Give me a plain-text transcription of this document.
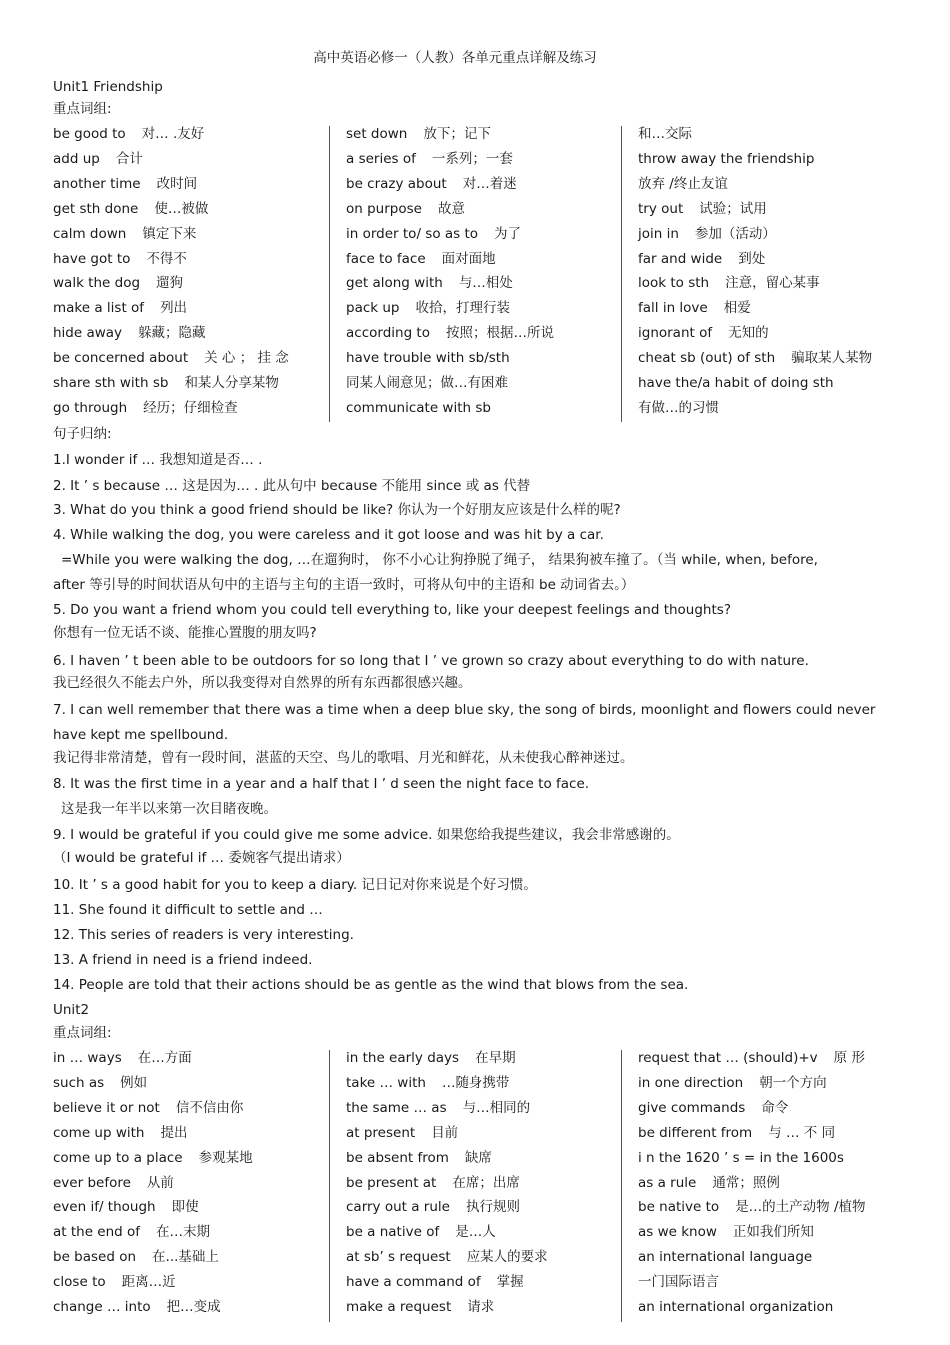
高中英语必修一（人教）各单元重点详解及练习
Unit1 Friendship
重点词组:
be good to 对… .友好
add up 合计
another time 改时间
get sth done 使…被做
calm down 镇定下来
have got to 不得不
walk the dog 遛狗
make a list of 列出
hide away 躲藏；隐藏
be concerned about 关 心 ； 挂 念
share sth with sb 和某人分享某物
go through 经历；仔细检查
set down 放下；记下
a series of 一系列；一套
be crazy about 对…着迷
on purpose 故意
in order to/ so as to 为了
face to face 面对面地
get along with 与…相处
pack up 收拾，打理行装
according to 按照；根据…所说
have trouble with sb/sth
同某人闹意见；做…有困难
communicate with sb
和…交际
throw away the friendship
放弃 /终止友谊
try out 试验；试用
join in 参加（活动）
far and wide 到处
look to sth 注意，留心某事
fall in love 相爱
ignorant of 无知的
cheat sb (out) of sth 骗取某人某物
have the/a habit of doing sth
有做…的习惯
句子归纳:
1.I wonder if … 我想知道是否… .
2. It ’ s because … 这是因为… . 此从句中 because 不能用 since 或 as 代替
3. What do you think a good friend should be like? 你认为一个好朋友应该是什么样的呢?
4. While walking the dog, you were careless and it got loose and was hit by a car.
=While you were walking the dog, …在遛狗时， 你不小心让狗挣脱了绳子， 结果狗被车撞了。（当 while, when, before,
after 等引导的时间状语从句中的主语与主句的主语一致时，可将从句中的主语和 be 动词省去。）
5. Do you want a friend whom you could tell everything to, like your deepest feelings and thoughts?
你想有一位无话不谈、能推心置腹的朋友吗?
6. I haven ’ t been able to be outdoors for so long that I ’ ve grown so crazy about everything to do with nature.
我已经很久不能去户外，所以我变得对自然界的所有东西都很感兴趣。
7. I can well remember that there was a time when a deep blue sky, the song of birds, moonlight and flowers could never
have kept me spellbound.
我记得非常清楚，曾有一段时间，湛蓝的天空、鸟儿的歌唱、月光和鲜花，从未使我心醉神迷过。
8. It was the first time in a year and a half that I ’ d seen the night face to face.
这是我一年半以来第一次目睹夜晚。
9. I would be grateful if you could give me some advice. 如果您给我提些建议，我会非常感谢的。
（I would be grateful if … 委婉客气提出请求）
10. It ’ s a good habit for you to keep a diary. 记日记对你来说是个好习惯。
11. She found it difficult to settle and …
12. This series of readers is very interesting.
13. A friend in need is a friend indeed.
14. People are told that their actions should be as gentle as the wind that blows from the sea.
Unit2
重点词组:
in … ways 在…方面
such as 例如
believe it or not 信不信由你
come up with 提出
come up to a place 参观某地
ever before 从前
even if/ though 即使
at the end of 在…末期
be based on 在...基础上
close to 距离…近
change … into 把…变成
in the early days 在早期
take … with …随身携带
the same … as 与…相同的
at present 目前
be absent from 缺席
be present at 在席；出席
carry out a rule 执行规则
be a native of 是…人
at sb’ s request 应某人的要求
have a command of 掌握
make a request 请求
request that … (should)+v 原 形
in one direction 朝一个方向
give commands 命令
be different from 与 … 不 同
i n the 1620 ’ s = in the 1600s
as a rule 通常；照例
be native to 是…的土产动物 /植物
as we know 正如我们所知
an international language
一门国际语言
an international organization
